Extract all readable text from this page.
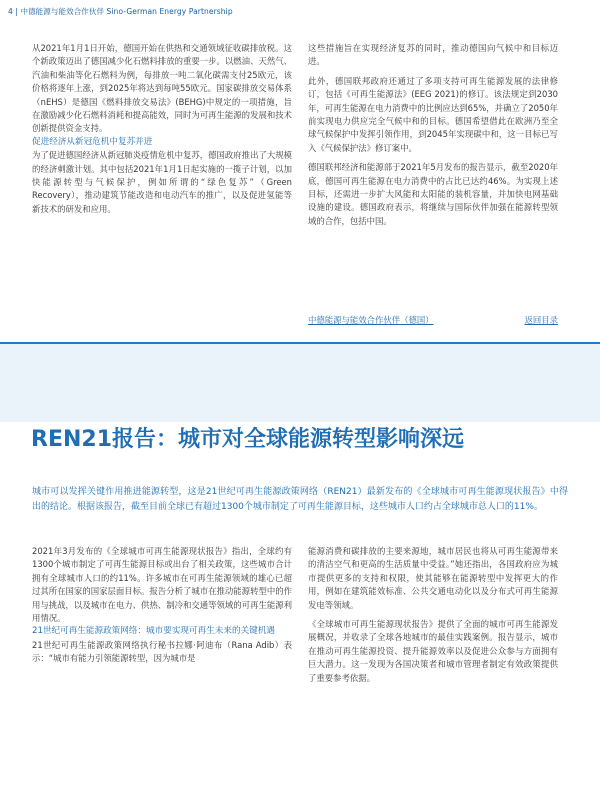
4 | 中德能源与能效合作伙伴 Sino-German Energy Partnership

从2021年1月1日开始，德国开始在供热和交通领域征收碳排放税。这个新政策迈出了德国减少化石燃料排放的重要一步。以燃油、天然气、汽油和柴油等化石燃料为例，每排放一吨二氧化碳需支付25欧元，该价格将逐年上涨，到2025年将达到每吨55欧元。国家碳排放交易体系（nEHS）是德国《燃料排放交易法》(BEHG)中规定的一项措施，旨在激励减少化石燃料消耗和提高能效，同时为可再生能源的发展和技术创新提供资金支持。

促进经济从新冠危机中复苏并进

为了促进德国经济从新冠肺炎疫情危机中复苏，德国政府推出了大规模的经济刺激计划。其中包括2021年1月1日起实施的一揽子计划，以加快能源转型与气候保护，例如所谓的“绿色复苏”（Green Recovery），推动建筑节能改造和电动汽车的推广，以及促进氢能等新技术的研发和应用。

这些措施旨在实现经济复苏的同时，推动德国向气候中和目标迈进。

此外，德国联邦政府还通过了多项支持可再生能源发展的法律修订，包括《可再生能源法》(EEG 2021)的修订。该法规定到2030年，可再生能源在电力消费中的比例应达到65%，并确立了2050年前实现电力供应完全气候中和的目标。德国希望借此在欧洲乃至全球气候保护中发挥引领作用，到2045年实现碳中和，这一目标已写入《气候保护法》修订案中。

德国联邦经济和能源部于2021年5月发布的报告显示，截至2020年底，德国可再生能源在电力消费中的占比已达约46%。为实现上述目标，还需进一步扩大风能和太阳能的装机容量，并加快电网基础设施的建设。德国政府表示，将继续与国际伙伴加强在能源转型领域的合作，包括中国。

中德能源与能效合作伙伴（德国）	返回目录
REN21报告：城市对全球能源转型影响深远
城市可以发挥关键作用推进能源转型，这是21世纪可再生能源政策网络（REN21）最新发布的《全球城市可再生能源现状报告》中得出的结论。根据该报告，截至目前全球已有超过1300个城市制定了可再生能源目标，这些城市人口约占全球城市总人口的11%。

2021年3月发布的《全球城市可再生能源现状报告》指出，全球约有1300个城市制定了可再生能源目标或出台了相关政策，这些城市合计拥有全球城市人口的约11%。许多城市在可再生能源领域的雄心已超过其所在国家的国家层面目标。报告分析了城市在推动能源转型中的作用与挑战，以及城市在电力、供热、制冷和交通等领域的可再生能源利用情况。

21世纪可再生能源政策网络：城市要实现可再生未来的关键机遇

21世纪可再生能源政策网络执行秘书拉娜·阿迪布（Rana Adib）表示：“城市有能力引领能源转型，因为城市是

能源消费和碳排放的主要来源地，城市居民也将从可再生能源带来的清洁空气和更高的生活质量中受益。”她还指出，各国政府应为城市提供更多的支持和权限，使其能够在能源转型中发挥更大的作用，例如在建筑能效标准、公共交通电动化以及分布式可再生能源发电等领域。

《全球城市可再生能源现状报告》提供了全面的城市可再生能源发展概况，并收录了全球各地城市的最佳实践案例。报告显示，城市在推动可再生能源投资、提升能源效率以及促进公众参与方面拥有巨大潜力。这一发现为各国决策者和城市管理者制定有效政策提供了重要参考依据。
